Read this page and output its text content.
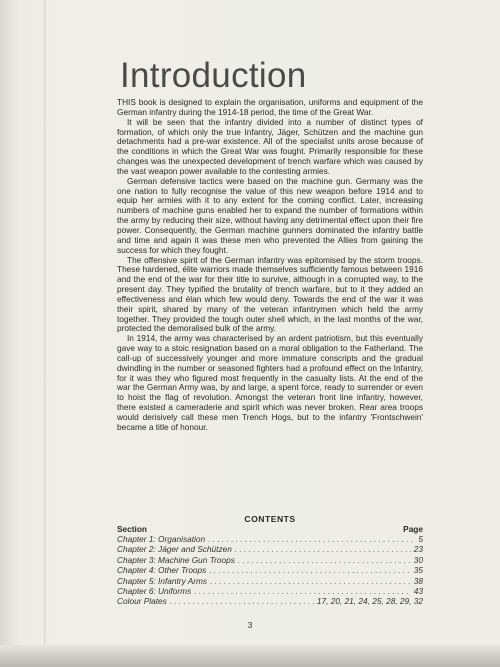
Introduction

THIS book is designed to explain the organisation, uniforms and equipment of the German infantry during the 1914-18 period, the time of the Great War.

It will be seen that the infantry divided into a number of distinct types of formation, of which only the true Infantry, Jäger, Schützen and the machine gun detachments had a pre-war existence. All of the specialist units arose because of the conditions in which the Great War was fought. Primarily responsible for these changes was the unexpected development of trench warfare which was caused by the vast weapon power available to the contesting armies.

German defensive tactics were based on the machine gun. Germany was the one nation to fully recognise the value of this new weapon before 1914 and to equip her armies with it to any extent for the coming conflict. Later, increasing numbers of machine guns enabled her to expand the number of formations within the army by reducing their size, without having any detrimental effect upon their fire power. Consequently, the German machine gunners dominated the infantry battle and time and again it was these men who prevented the Allies from gaining the success for which they fought.

The offensive spirit of the German infantry was epitomised by the storm troops. These hardened, élite warriors made themselves sufficiently famous between 1916 and the end of the war for their title to survive, although in a corrupted way, to the present day. They typified the brutality of trench warfare, but to it they added an effectiveness and élan which few would deny. Towards the end of the war it was their spirit, shared by many of the veteran infantrymen which held the army together. They provided the tough outer shell which, in the last months of the war, protected the demoralised bulk of the army.

In 1914, the army was characterised by an ardent patriotism, but this eventually gave way to a stoic resignation based on a moral obligation to the Fatherland. The call-up of successively younger and more immature conscripts and the gradual dwindling in the number or seasoned fighters had a profound effect on the Infantry, for it was they who figured most frequently in the casualty lists. At the end of the war the German Army was, by and large, a spent force, ready to surrender or even to hoist the flag of revolution. Amongst the veteran front line infantry, however, there existed a cameraderie and spirit which was never broken. Rear area troops would derisively call these men Trench Hogs, but to the infantry 'Frontschwein' became a title of honour.

CONTENTS
Section	Page
Chapter 1: Organisation . . .	5
Chapter 2: Jäger and Schützen . . .	23
Chapter 3: Machine Gun Troops . . .	30
Chapter 4: Other Troops . . .	35
Chapter 5: Infantry Arms . . .	38
Chapter 6: Uniforms . . .	43
Colour Plates . . .	17, 20, 21, 24, 25, 28, 29, 32
3
